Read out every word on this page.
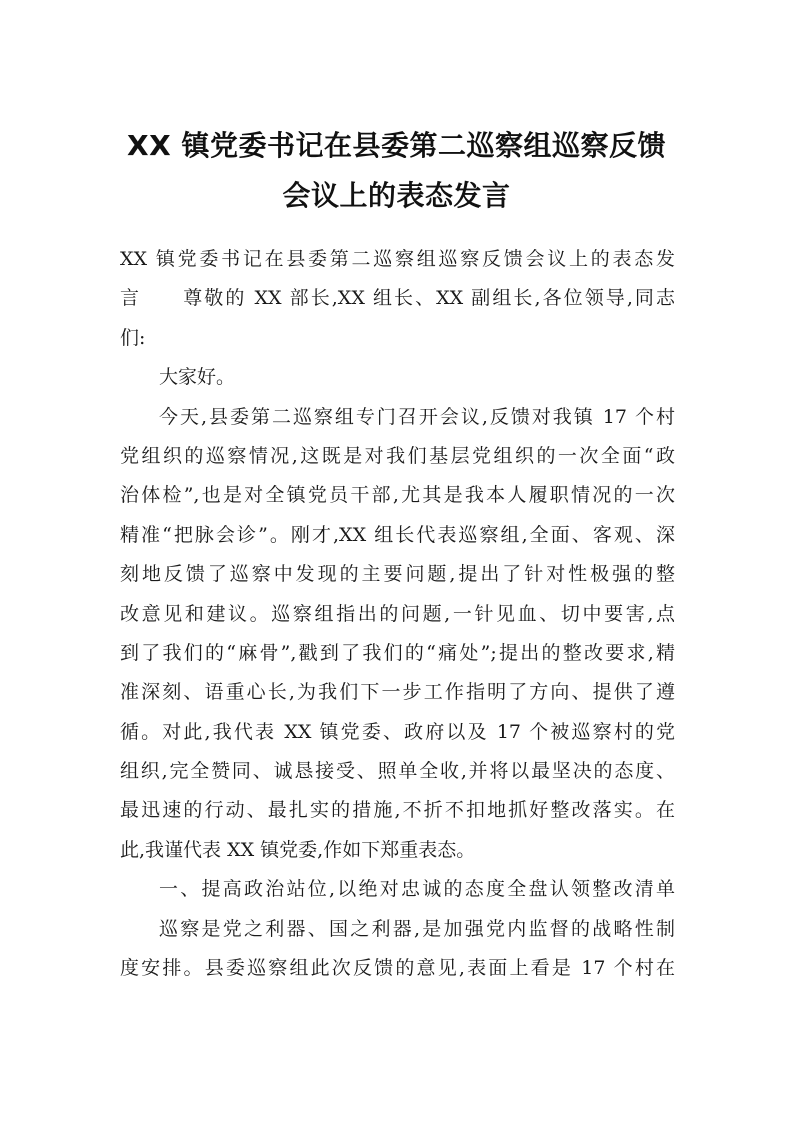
XX 镇党委书记在县委第二巡察组巡察反馈
会议上的表态发言
XX 镇党委书记在县委第二巡察组巡察反馈会议上的表态发
言　　尊敬的 XX 部长,XX 组长、XX 副组长,各位领导,同志
们:
大家好。
今天,县委第二巡察组专门召开会议,反馈对我镇 17 个村
党组织的巡察情况,这既是对我们基层党组织的一次全面“政
治体检”,也是对全镇党员干部,尤其是我本人履职情况的一次
精准“把脉会诊”。刚才,XX 组长代表巡察组,全面、客观、深
刻地反馈了巡察中发现的主要问题,提出了针对性极强的整
改意见和建议。巡察组指出的问题,一针见血、切中要害,点
到了我们的“麻骨”,戳到了我们的“痛处”;提出的整改要求,精
准深刻、语重心长,为我们下一步工作指明了方向、提供了遵
循。对此,我代表 XX 镇党委、政府以及 17 个被巡察村的党
组织,完全赞同、诚恳接受、照单全收,并将以最坚决的态度、
最迅速的行动、最扎实的措施,不折不扣地抓好整改落实。在
此,我谨代表 XX 镇党委,作如下郑重表态。
一、提高政治站位,以绝对忠诚的态度全盘认领整改清单
巡察是党之利器、国之利器,是加强党内监督的战略性制
度安排。县委巡察组此次反馈的意见,表面上看是 17 个村在
